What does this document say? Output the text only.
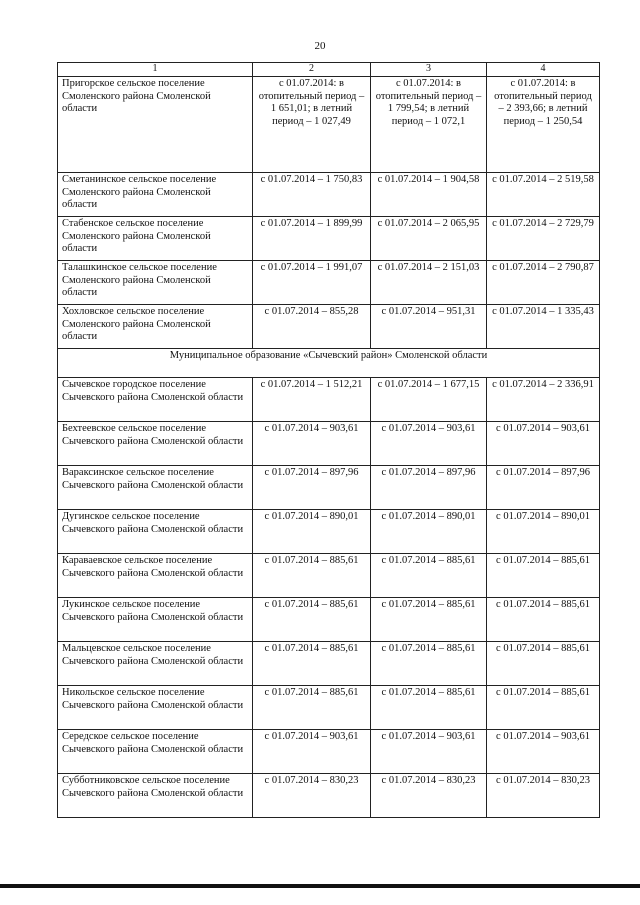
20
1	2	3	4
Пригорское сельское поселение Смоленского района Смоленской области	с 01.07.2014: в отопительный период – 1 651,01; в летний период – 1 027,49	с 01.07.2014: в отопительный период – 1 799,54; в летний период – 1 072,1	с 01.07.2014: в отопительный период – 2 393,66; в летний период – 1 250,54
Сметанинское сельское поселение Смоленского района Смоленской области	с 01.07.2014 – 1 750,83	с 01.07.2014 – 1 904,58	с 01.07.2014 – 2 519,58
Стабенское сельское поселение Смоленского района Смоленской области	с 01.07.2014 – 1 899,99	с 01.07.2014 – 2 065,95	с 01.07.2014 – 2 729,79
Талашкинское сельское поселение Смоленского района Смоленской области	с 01.07.2014 – 1 991,07	с 01.07.2014 – 2 151,03	с 01.07.2014 – 2 790,87
Хохловское сельское поселение Смоленского района Смоленской области	с 01.07.2014 – 855,28	с 01.07.2014 – 951,31	с 01.07.2014 – 1 335,43
Муниципальное образование «Сычевский район» Смоленской области			
Сычевское городское поселение Сычевского района Смоленской области	с 01.07.2014 – 1 512,21	с 01.07.2014 – 1 677,15	с 01.07.2014 – 2 336,91
Бехтеевское сельское поселение Сычевского района Смоленской области	с 01.07.2014 – 903,61	с 01.07.2014 – 903,61	с 01.07.2014 – 903,61
Вараксинское сельское поселение Сычевского района Смоленской области	с 01.07.2014 – 897,96	с 01.07.2014 – 897,96	с 01.07.2014 – 897,96
Дугинское сельское поселение Сычевского района Смоленской области	с 01.07.2014 – 890,01	с 01.07.2014 – 890,01	с 01.07.2014 – 890,01
Караваевское сельское поселение Сычевского района Смоленской области	с 01.07.2014 – 885,61	с 01.07.2014 – 885,61	с 01.07.2014 – 885,61
Лукинское сельское поселение Сычевского района Смоленской области	с 01.07.2014 – 885,61	с 01.07.2014 – 885,61	с 01.07.2014 – 885,61
Мальцевское сельское поселение Сычевского района Смоленской области	с 01.07.2014 – 885,61	с 01.07.2014 – 885,61	с 01.07.2014 – 885,61
Никольское сельское поселение Сычевского района Смоленской области	с 01.07.2014 – 885,61	с 01.07.2014 – 885,61	с 01.07.2014 – 885,61
Середское сельское поселение Сычевского района Смоленской области	с 01.07.2014 – 903,61	с 01.07.2014 – 903,61	с 01.07.2014 – 903,61
Субботниковское сельское поселение Сычевского района Смоленской области	с 01.07.2014 – 830,23	с 01.07.2014 – 830,23	с 01.07.2014 – 830,23
